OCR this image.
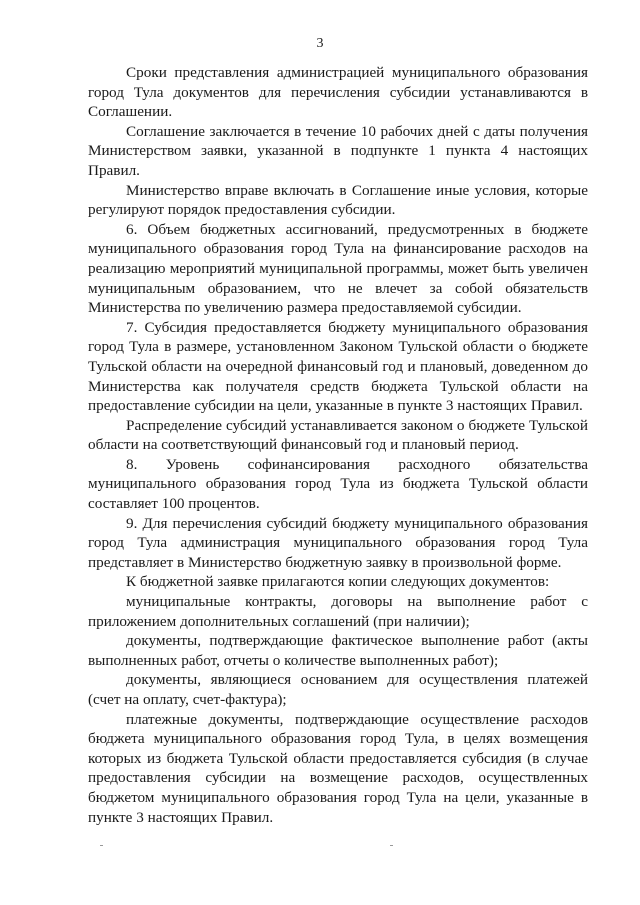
3

Сроки представления администрацией муниципального образования город Тула документов для перечисления субсидии устанавливаются в Соглашении.

Соглашение заключается в течение 10 рабочих дней с даты получения Министерством заявки, указанной в подпункте 1 пункта 4 настоящих Правил.

Министерство вправе включать в Соглашение иные условия, которые регулируют порядок предоставления субсидии.

6. Объем бюджетных ассигнований, предусмотренных в бюджете муниципального образования город Тула на финансирование расходов на реализацию мероприятий муниципальной программы, может быть увеличен муниципальным образованием, что не влечет за собой обязательств Министерства по увеличению размера предоставляемой субсидии.

7. Субсидия предоставляется бюджету муниципального образования город Тула в размере, установленном Законом Тульской области о бюджете Тульской области на очередной финансовый год и плановый, доведенном до Министерства как получателя средств бюджета Тульской области на предоставление субсидии на цели, указанные в пункте 3 настоящих Правил.

Распределение субсидий устанавливается законом о бюджете Тульской области на соответствующий финансовый год и плановый период.

8. Уровень софинансирования расходного обязательства муниципального образования город Тула из бюджета Тульской области составляет 100 процентов.

9. Для перечисления субсидий бюджету муниципального образования город Тула администрация муниципального образования город Тула представляет в Министерство бюджетную заявку в произвольной форме.

К бюджетной заявке прилагаются копии следующих документов:

муниципальные контракты, договоры на выполнение работ с приложением дополнительных соглашений (при наличии);

документы, подтверждающие фактическое выполнение работ (акты выполненных работ, отчеты о количестве выполненных работ);

документы, являющиеся основанием для осуществления платежей (счет на оплату, счет-фактура);

платежные документы, подтверждающие осуществление расходов бюджета муниципального образования город Тула, в целях возмещения которых из бюджета Тульской области предоставляется субсидия (в случае предоставления субсидии на возмещение расходов, осуществленных бюджетом муниципального образования город Тула на цели, указанные в пункте 3 настоящих Правил.
